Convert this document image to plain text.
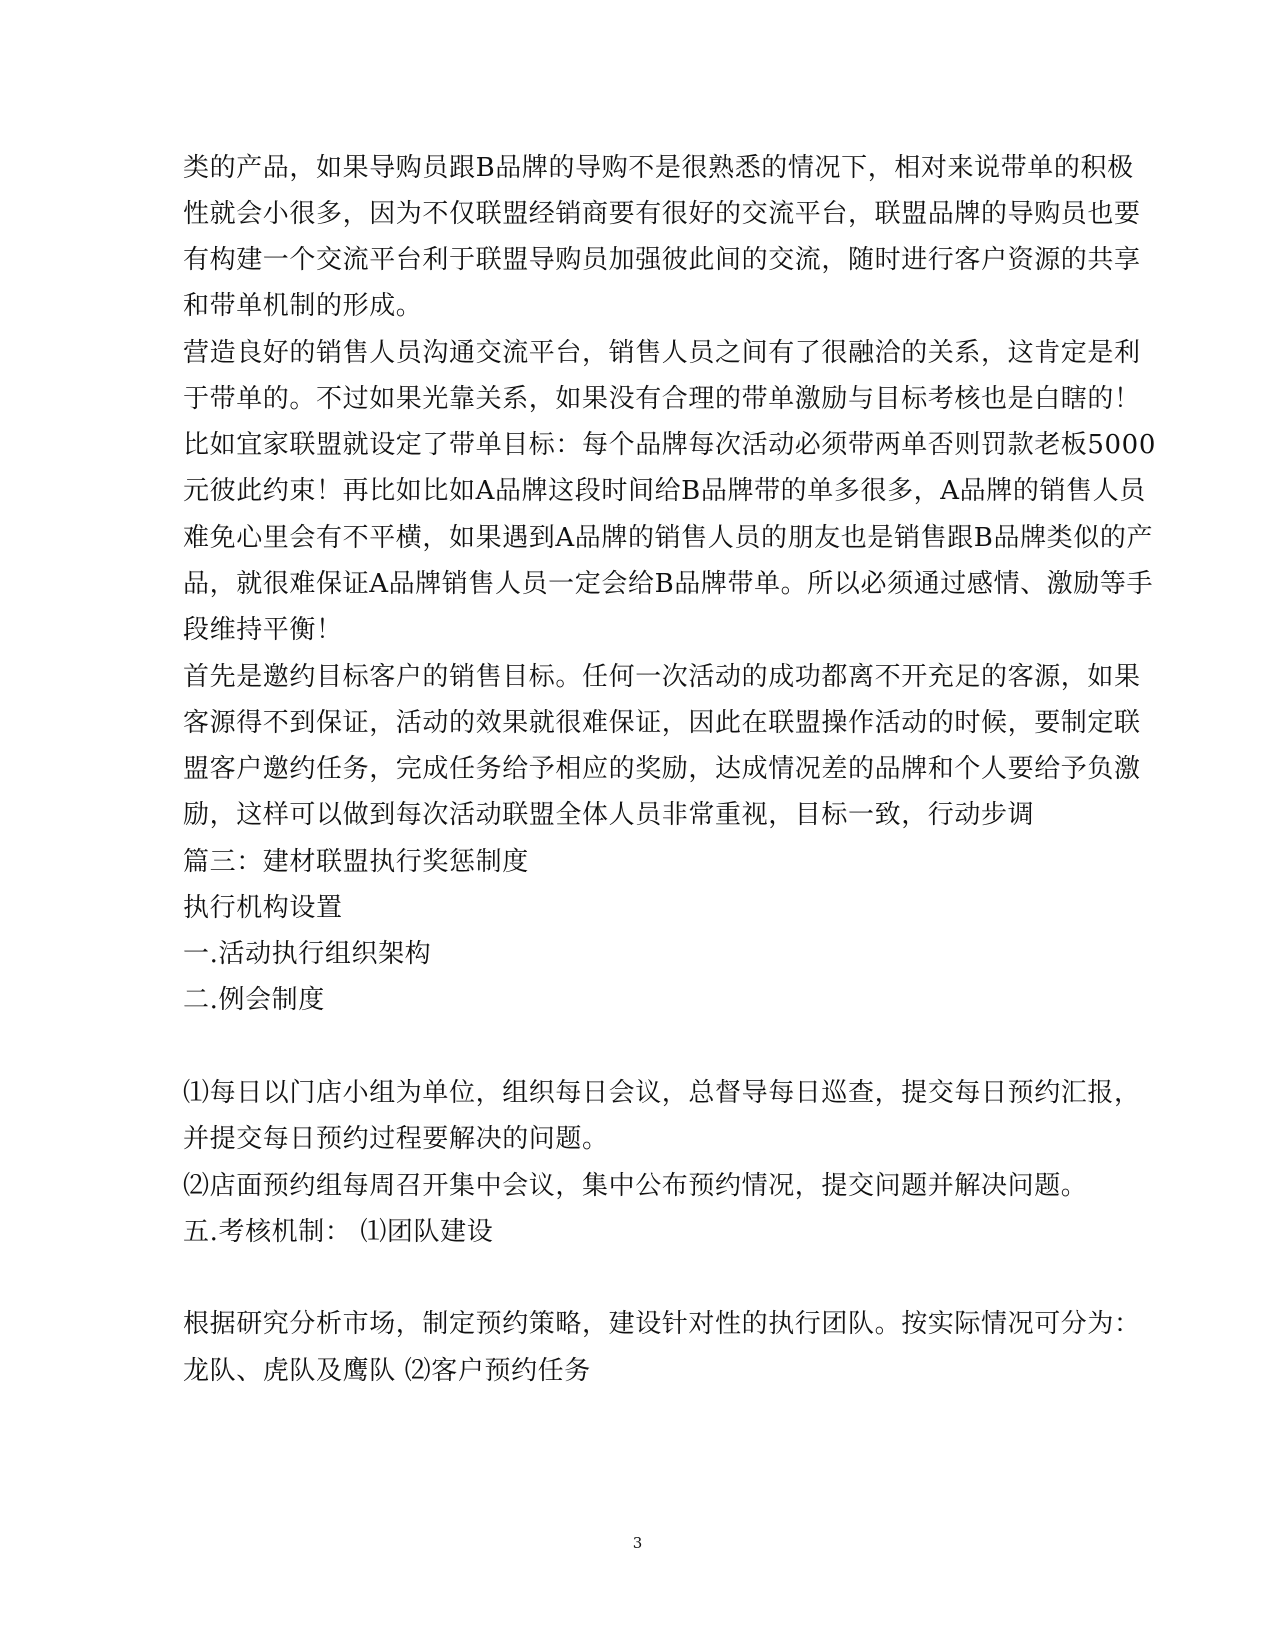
类的产品，如果导购员跟B品牌的导购不是很熟悉的情况下，相对来说带单的积极
性就会小很多，因为不仅联盟经销商要有很好的交流平台，联盟品牌的导购员也要
有构建一个交流平台利于联盟导购员加强彼此间的交流，随时进行客户资源的共享
和带单机制的形成。
营造良好的销售人员沟通交流平台，销售人员之间有了很融洽的关系，这肯定是利
于带单的。不过如果光靠关系，如果没有合理的带单激励与目标考核也是白瞎的！
比如宜家联盟就设定了带单目标：每个品牌每次活动必须带两单否则罚款老板5000
元彼此约束！再比如比如A品牌这段时间给B品牌带的单多很多，A品牌的销售人员
难免心里会有不平横，如果遇到A品牌的销售人员的朋友也是销售跟B品牌类似的产
品，就很难保证A品牌销售人员一定会给B品牌带单。所以必须通过感情、激励等手
段维持平衡！
首先是邀约目标客户的销售目标。任何一次活动的成功都离不开充足的客源，如果
客源得不到保证，活动的效果就很难保证，因此在联盟操作活动的时候，要制定联
盟客户邀约任务，完成任务给予相应的奖励，达成情况差的品牌和个人要给予负激
励，这样可以做到每次活动联盟全体人员非常重视，目标一致，行动步调
篇三：建材联盟执行奖惩制度
执行机构设置
一.活动执行组织架构
二.例会制度
⑴每日以门店小组为单位，组织每日会议，总督导每日巡查，提交每日预约汇报，
并提交每日预约过程要解决的问题。
⑵店面预约组每周召开集中会议，集中公布预约情况，提交问题并解决问题。
五.考核机制： ⑴团队建设
根据研究分析市场，制定预约策略，建设针对性的执行团队。按实际情况可分为：
龙队、虎队及鹰队 ⑵客户预约任务
3
